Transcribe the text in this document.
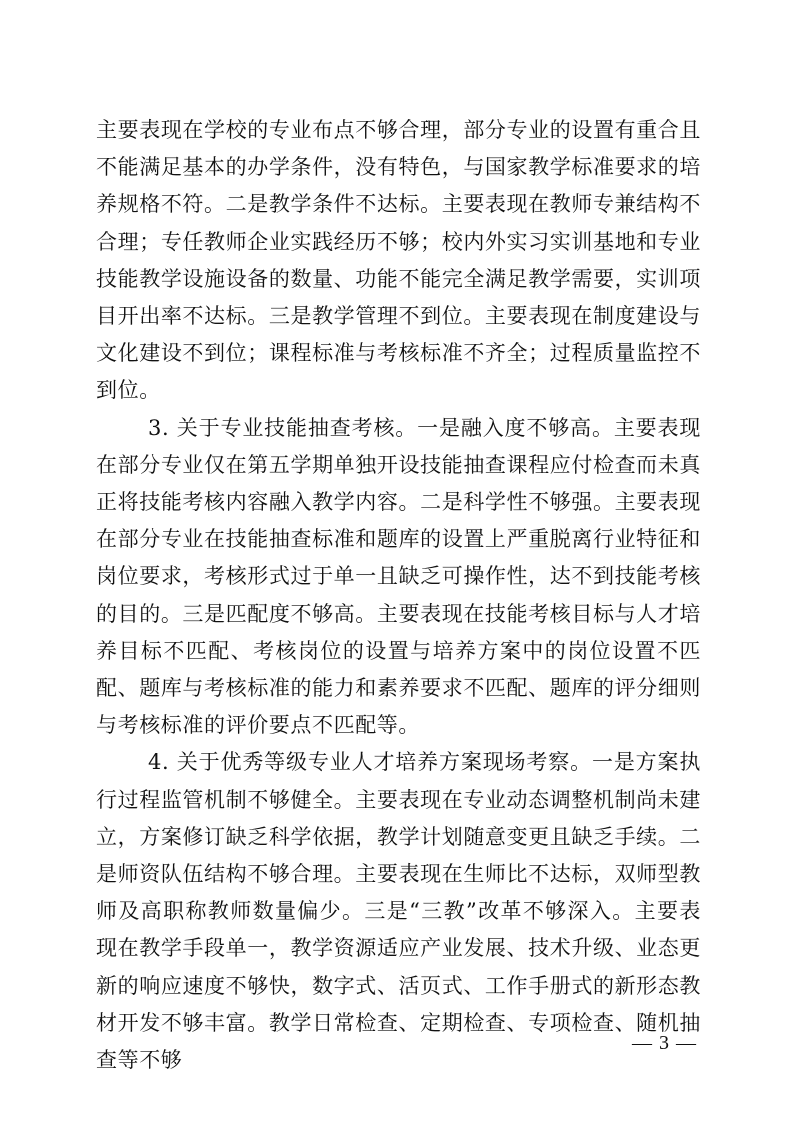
主要表现在学校的专业布点不够合理，部分专业的设置有重合且不能满足基本的办学条件，没有特色，与国家教学标准要求的培养规格不符。二是教学条件不达标。主要表现在教师专兼结构不合理；专任教师企业实践经历不够；校内外实习实训基地和专业技能教学设施设备的数量、功能不能完全满足教学需要，实训项目开出率不达标。三是教学管理不到位。主要表现在制度建设与文化建设不到位；课程标准与考核标准不齐全；过程质量监控不到位。

3. 关于专业技能抽查考核。一是融入度不够高。主要表现在部分专业仅在第五学期单独开设技能抽查课程应付检查而未真正将技能考核内容融入教学内容。二是科学性不够强。主要表现在部分专业在技能抽查标准和题库的设置上严重脱离行业特征和岗位要求，考核形式过于单一且缺乏可操作性，达不到技能考核的目的。三是匹配度不够高。主要表现在技能考核目标与人才培养目标不匹配、考核岗位的设置与培养方案中的岗位设置不匹配、题库与考核标准的能力和素养要求不匹配、题库的评分细则与考核标准的评价要点不匹配等。

4. 关于优秀等级专业人才培养方案现场考察。一是方案执行过程监管机制不够健全。主要表现在专业动态调整机制尚未建立，方案修订缺乏科学依据，教学计划随意变更且缺乏手续。二是师资队伍结构不够合理。主要表现在生师比不达标，双师型教师及高职称教师数量偏少。三是“三教”改革不够深入。主要表现在教学手段单一，教学资源适应产业发展、技术升级、业态更新的响应速度不够快，数字式、活页式、工作手册式的新形态教材开发不够丰富。教学日常检查、定期检查、专项检查、随机抽查等不够

— 3 —
